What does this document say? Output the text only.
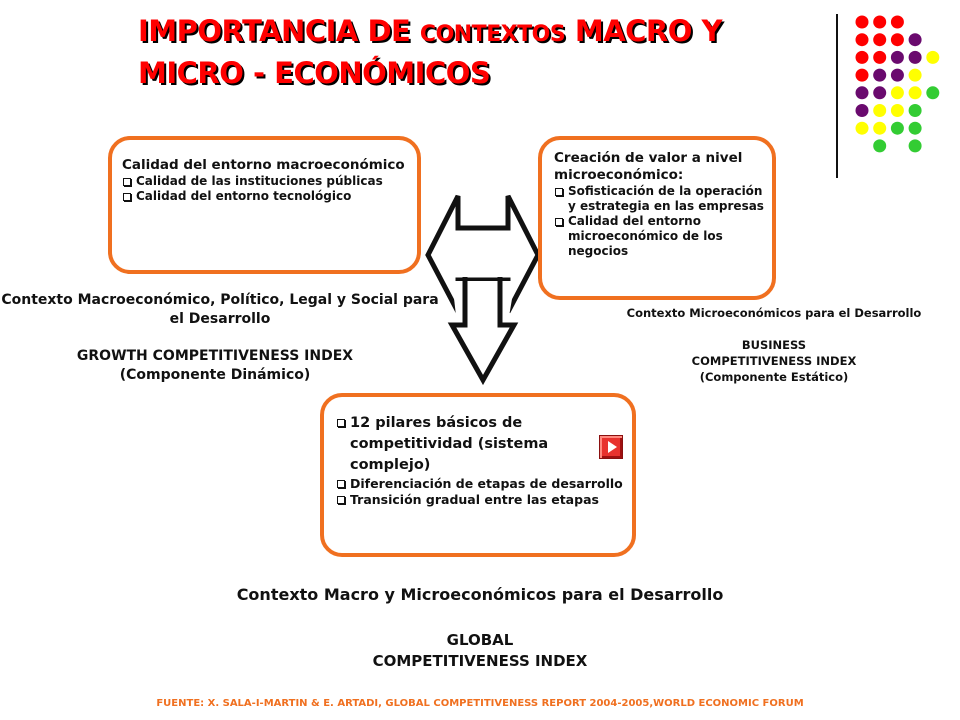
IMPORTANCIA DE CONTEXTOS MACRO Y
MICRO - ECONÓMICOS
Calidad del entorno macroeconómico
Calidad de las instituciones públicas
Calidad del entorno tecnológico
Creación de valor a nivel microeconómico:
Sofisticación de la operación y estrategia en las empresas
Calidad del entorno microeconómico de los negocios
12 pilares básicos de competitividad (sistema complejo)
Diferenciación de etapas de desarrollo
Transición gradual entre las etapas
Contexto Macroeconómico, Político, Legal y Social para el Desarrollo
GROWTH COMPETITIVENESS INDEX
(Componente Dinámico)
Contexto Microeconómicos para el Desarrollo
BUSINESS
COMPETITIVENESS INDEX
(Componente Estático)
Contexto Macro y Microeconómicos para el Desarrollo
GLOBAL
COMPETITIVENESS INDEX
FUENTE: X. SALA-I-MARTIN & E. ARTADI, GLOBAL COMPETITIVENESS REPORT 2004-2005,WORLD ECONOMIC FORUM
